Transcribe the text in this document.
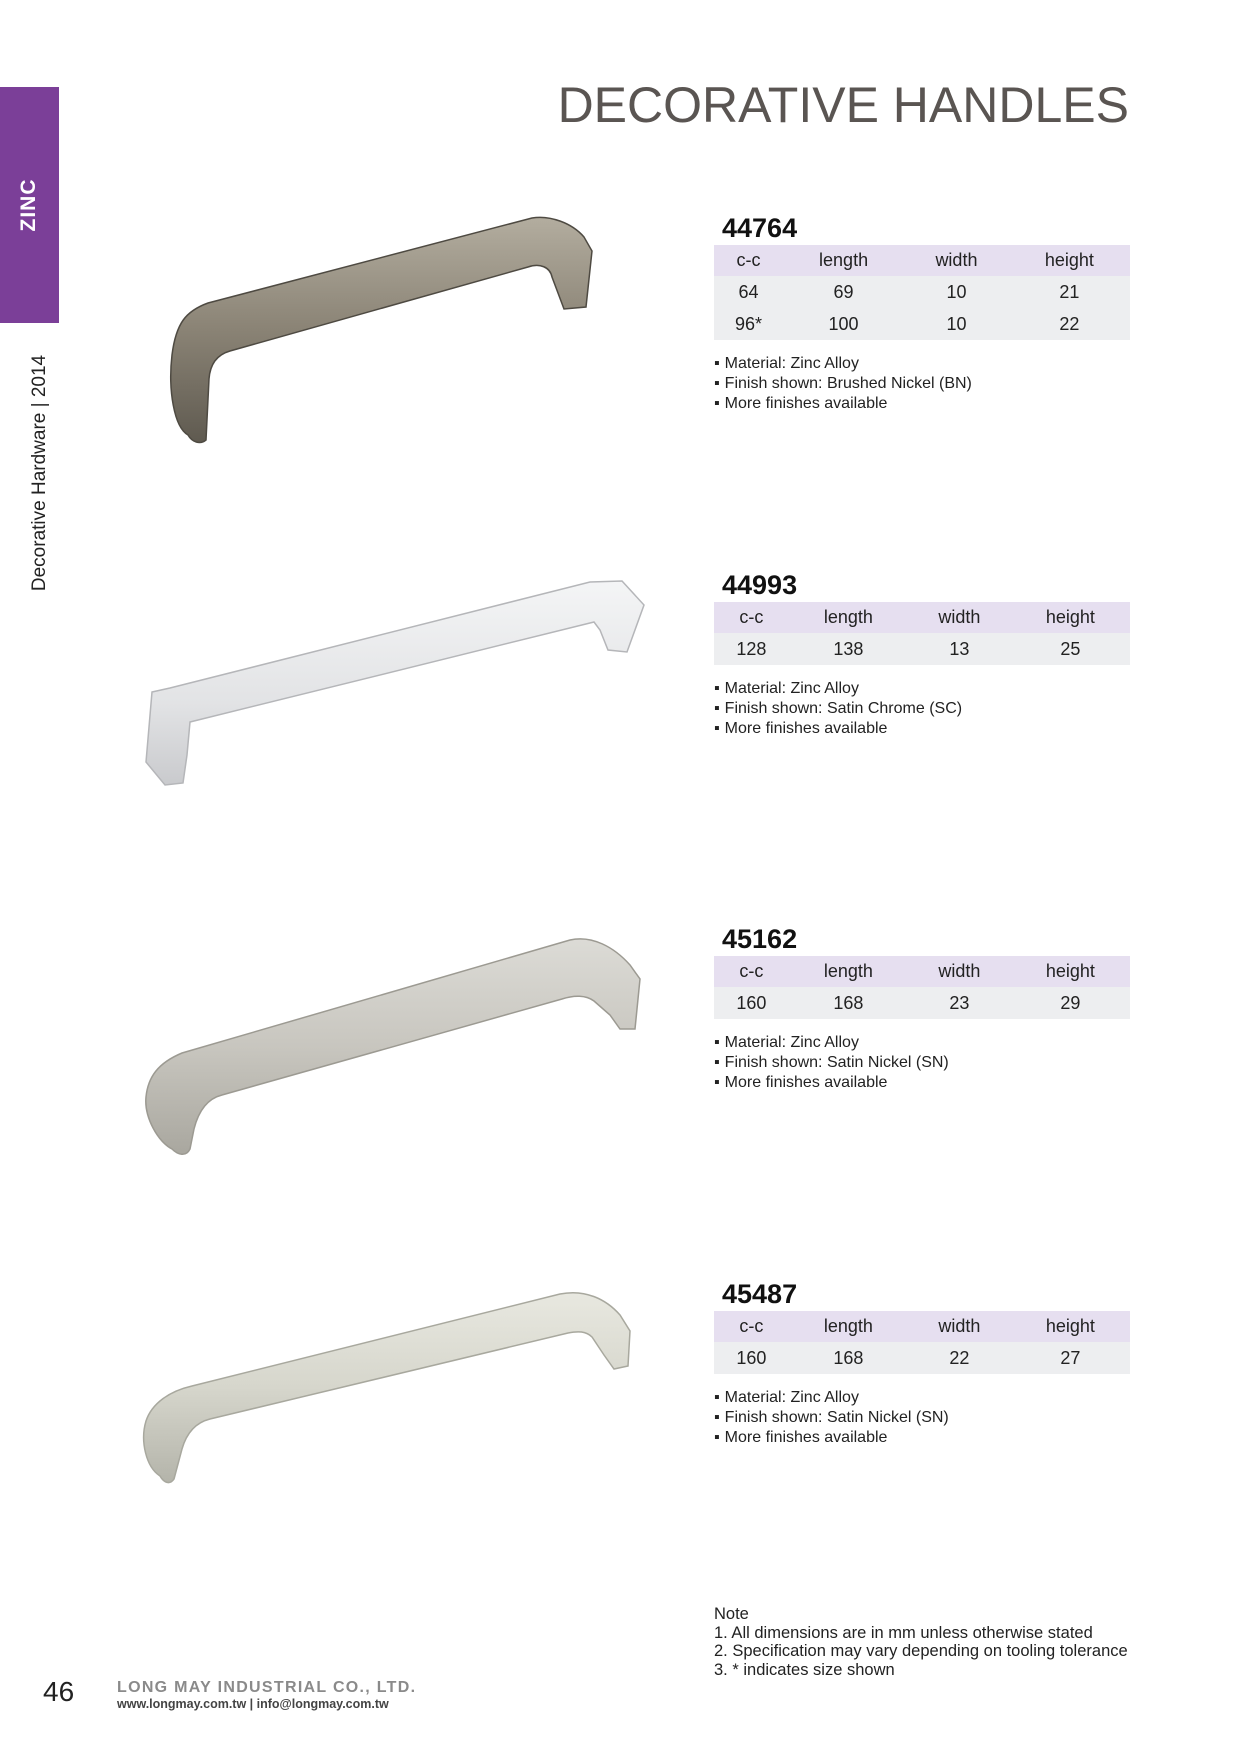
ZINC
Decorative Hardware | 2014
DECORATIVE HANDLES
44764
c-c	length	width	height
64	69	10	21
96*	100	10	22
▪ Material: Zinc Alloy
▪ Finish shown: Brushed Nickel (BN)
▪ More finishes available
44993
c-c	length	width	height
128	138	13	25
▪ Material: Zinc Alloy
▪ Finish shown: Satin Chrome (SC)
▪ More finishes available
45162
c-c	length	width	height
160	168	23	29
▪ Material: Zinc Alloy
▪ Finish shown: Satin Nickel (SN)
▪ More finishes available
45487
c-c	length	width	height
160	168	22	27
▪ Material: Zinc Alloy
▪ Finish shown: Satin Nickel (SN)
▪ More finishes available
Note
1. All dimensions are in mm unless otherwise stated
2. Specification may vary depending on tooling tolerance
3. * indicates size shown
46	LONG MAY INDUSTRIAL CO., LTD.
www.longmay.com.tw | info@longmay.com.tw
